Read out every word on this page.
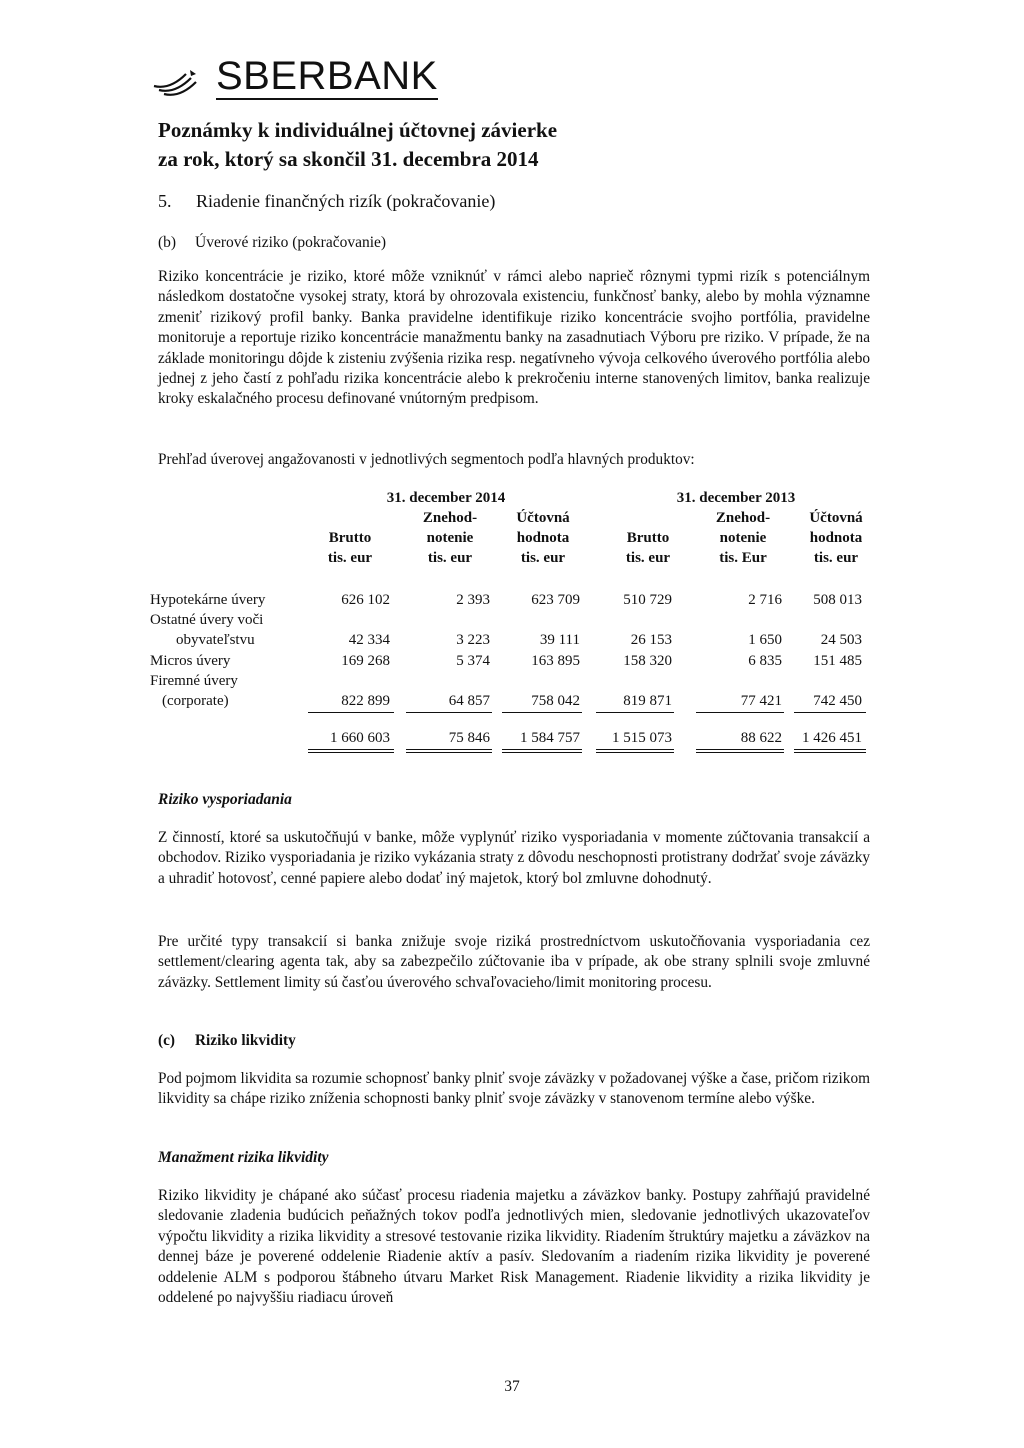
SBERBANK
Poznámky k individuálnej účtovnej závierke
za rok, ktorý sa skončil 31. decembra 2014
5. Riadenie finančných rizík (pokračovanie)
(b) Úverové riziko (pokračovanie)

Riziko koncentrácie je riziko, ktoré môže vzniknúť v rámci alebo naprieč rôznymi typmi rizík s potenciálnym následkom dostatočne vysokej straty, ktorá by ohrozovala existenciu, funkčnosť banky, alebo by mohla významne zmeniť rizikový profil banky. Banka pravidelne identifikuje riziko koncentrácie svojho portfólia, pravidelne monitoruje a reportuje riziko koncentrácie manažmentu banky na zasadnutiach Výboru pre riziko. V prípade, že na základe monitoringu dôjde k zisteniu zvýšenia rizika resp. negatívneho vývoja celkového úverového portfólia alebo jednej z jeho častí z pohľadu rizika koncentrácie alebo k prekročeniu interne stanovených limitov, banka realizuje kroky eskalačného procesu definované vnútorným predpisom.

Prehľad úverovej angažovanosti v jednotlivých segmentoch podľa hlavných produktov:

31. december 2014	31. december 2013
Znehod-	Účtovná	Znehod-	Účtovná
Brutto	notenie	hodnota	Brutto	notenie	hodnota
tis. eur	tis. eur	tis. eur	tis. eur	tis. Eur	tis. eur
Hypotekárne úvery	626 102	2 393	623 709	510 729	2 716	508 013
Ostatné úvery voči
obyvateľstvu	42 334	3 223	39 111	26 153	1 650	24 503
Micros úvery	169 268	5 374	163 895	158 320	6 835	151 485
Firemné úvery
(corporate)	822 899	64 857	758 042	819 871	77 421	742 450
1 660 603	75 846	1 584 757	1 515 073	88 622	1 426 451
Riziko vysporiadania

Z činností, ktoré sa uskutočňujú v banke, môže vyplynúť riziko vysporiadania v momente zúčtovania transakcií a obchodov. Riziko vysporiadania je riziko vykázania straty z dôvodu neschopnosti protistrany dodržať svoje záväzky a uhradiť hotovosť, cenné papiere alebo dodať iný majetok, ktorý bol zmluvne dohodnutý.

Pre určité typy transakcií si banka znižuje svoje riziká prostredníctvom uskutočňovania vysporiadania cez settlement/clearing agenta tak, aby sa zabezpečilo zúčtovanie iba v prípade, ak obe strany splnili svoje zmluvné záväzky. Settlement limity sú časťou úverového schvaľovacieho/limit monitoring procesu.

(c) Riziko likvidity

Pod pojmom likvidita sa rozumie schopnosť banky plniť svoje záväzky v požadovanej výške a čase, pričom rizikom likvidity sa chápe riziko zníženia schopnosti banky plniť svoje záväzky v stanovenom termíne alebo výške.

Manažment rizika likvidity

Riziko likvidity je chápané ako súčasť procesu riadenia majetku a záväzkov banky. Postupy zahŕňajú pravidelné sledovanie zladenia budúcich peňažných tokov podľa jednotlivých mien, sledovanie jednotlivých ukazovateľov výpočtu likvidity a rizika likvidity a stresové testovanie rizika likvidity. Riadením štruktúry majetku a záväzkov na dennej báze je poverené oddelenie Riadenie aktív a pasív. Sledovaním a riadením rizika likvidity je poverené oddelenie ALM s podporou štábneho útvaru Market Risk Management. Riadenie likvidity a rizika likvidity je oddelené po najvyššiu riadiacu úroveň

37
